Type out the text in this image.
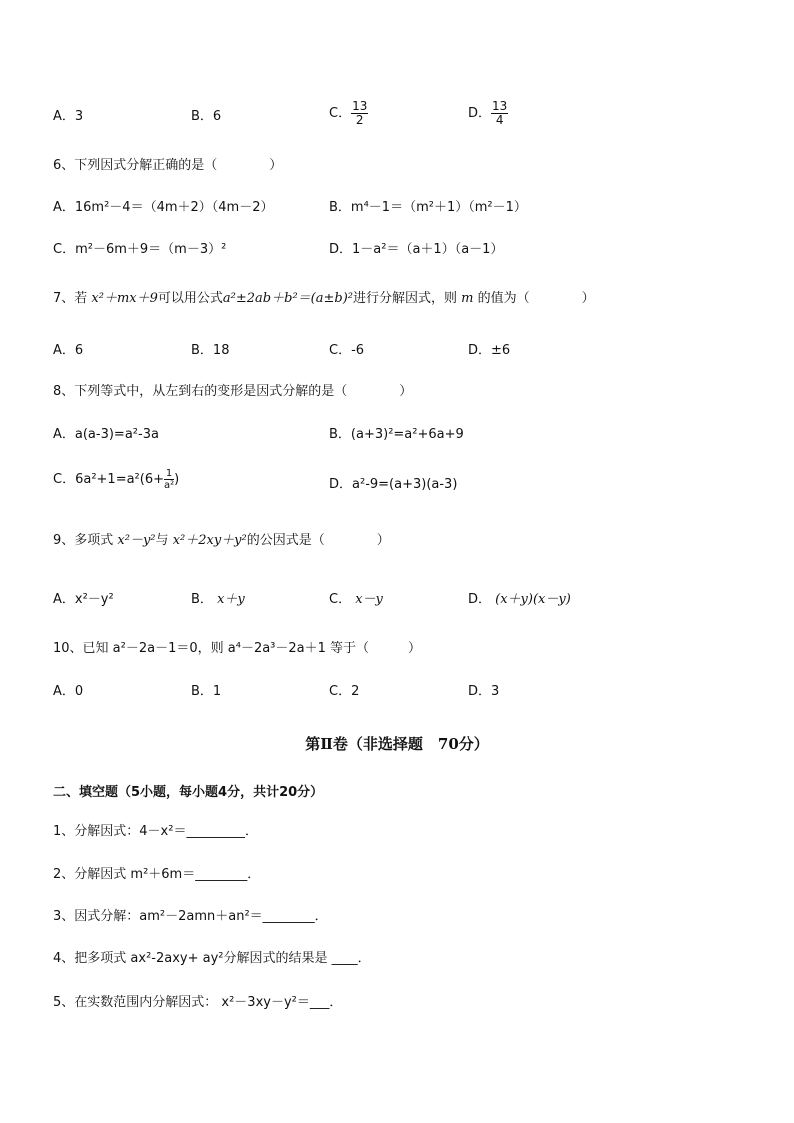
A．3	B．6	C． $\frac{13}{2}$	D． $\frac{13}{4}$
6、下列因式分解正确的是（　　　　）
A．16m²－4＝（4m＋2）（4m－2）	B．m⁴－1＝（m²＋1）（m²－1）
C．m²－6m＋9＝（m－3）²	D．1－a²＝（a＋1）（a－1）
7、若 x²＋mx＋9可以用公式a²±2ab＋b²＝(a±b)²进行分解因式，则 m 的值为（　　　　）
A．6	B．18	C．-6	D．±6
8、下列等式中，从左到右的变形是因式分解的是（　　　　）
A．a(a-3)=a²-3a	B．(a+3)²=a²+6a+9
C．$6a^2+1=a^2(6+ \frac{1}{\text{a²}}$ )	D．a²-9=(a+3)(a-3)
9、多项式 x²－y²与 x²＋2xy＋y²的公因式是（　　　　）
A．x²－y²	B． x＋y	C． x－y	D． (x＋y)(x－y)
10、已知 a²－2a－1＝0，则 a⁴－2a³－2a＋1 等于（　　　）
A．0	B．1	C．2	D．3
第Ⅱ卷（非选择题　70分）
二、填空题（5小题，每小题4分，共计20分）
1、分解因式：4－x²＝_________．
2、分解因式 m²＋6m＝________．
3、因式分解：am²－2amn＋an²＝________．
4、把多项式 ax²-2axy+ ay²分解因式的结果是 ____．
5、在实数范围内分解因式： x²－3xy－y²＝___．
